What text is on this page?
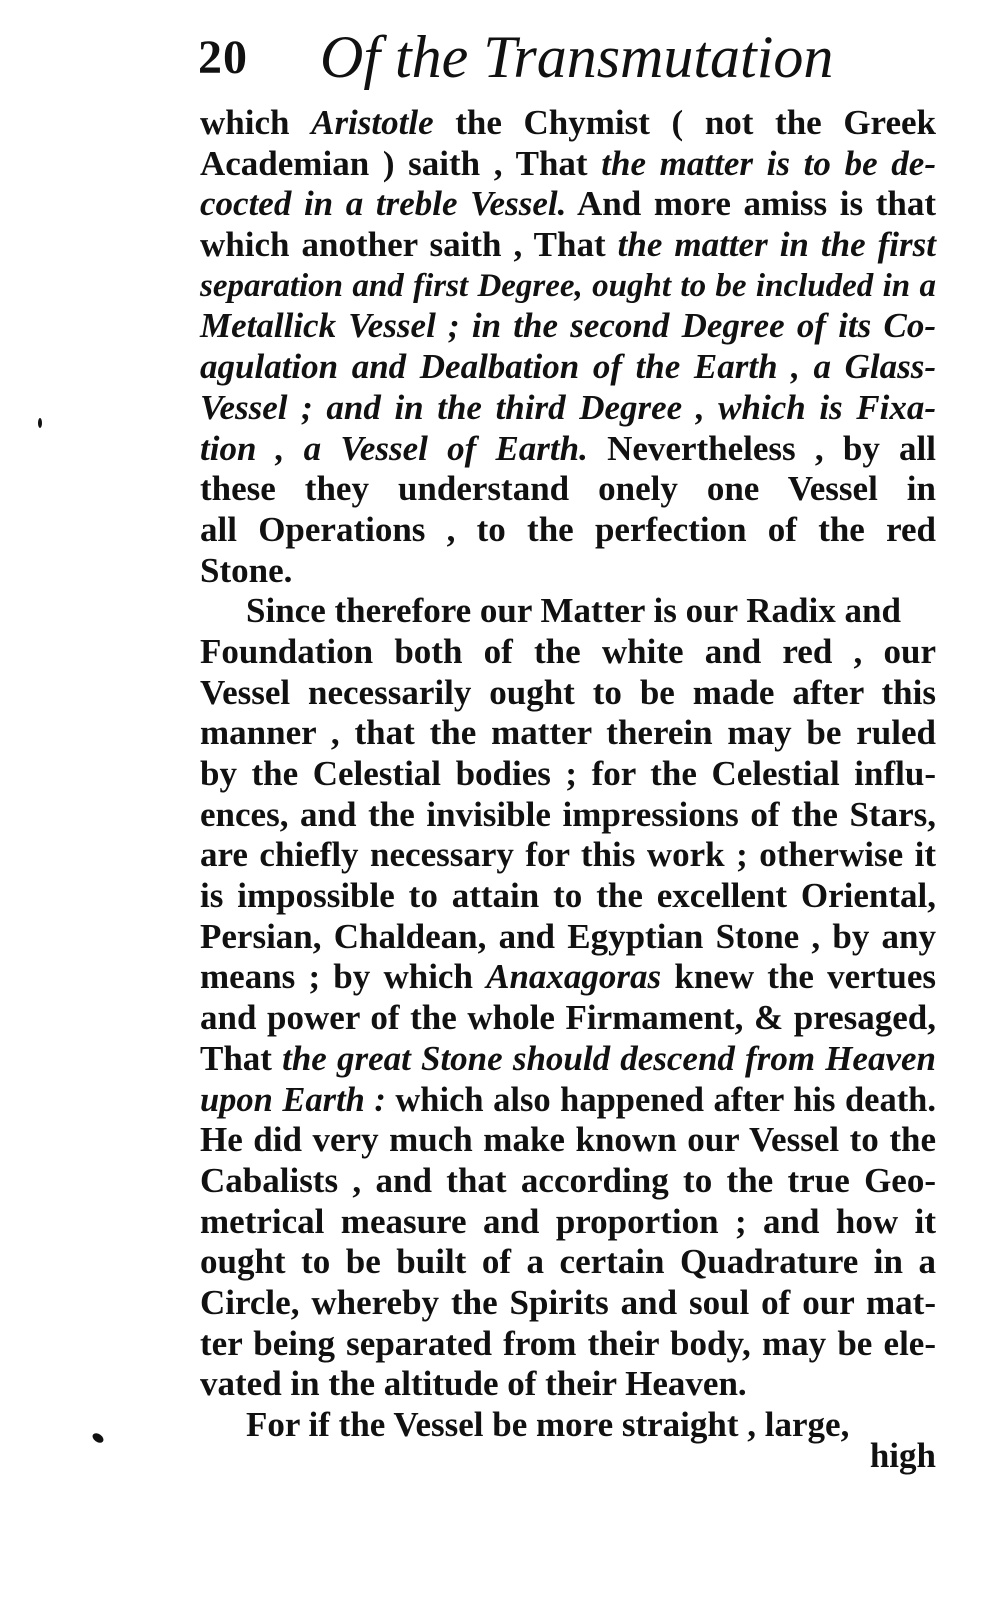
20 Of the Transmutation
which Aristotle the Chymist ( not the Greek
Academian ) saith , That the matter is to be de-
cocted in a treble Vessel. And more amiss is that
which another saith , That the matter in the first
separation and first Degree, ought to be included in a
Metallick Vessel ; in the second Degree of its Co-
agulation and Dealbation of the Earth , a Glass-
Vessel ; and in the third Degree , which is Fixa-
tion , a Vessel of Earth. Nevertheless , by all
these they understand onely one Vessel in
all Operations , to the perfection of the red
Stone.
Since therefore our Matter is our Radix and
Foundation both of the white and red , our
Vessel necessarily ought to be made after this
manner , that the matter therein may be ruled
by the Celestial bodies ; for the Celestial influ-
ences, and the invisible impressions of the Stars,
are chiefly necessary for this work ; otherwise it
is impossible to attain to the excellent Oriental,
Persian, Chaldean, and Egyptian Stone , by any
means ; by which Anaxagoras knew the vertues
and power of the whole Firmament, & presaged,
That the great Stone should descend from Heaven
upon Earth : which also happened after his death.
He did very much make known our Vessel to the
Cabalists , and that according to the true Geo-
metrical measure and proportion ; and how it
ought to be built of a certain Quadrature in a
Circle, whereby the Spirits and soul of our mat-
ter being separated from their body, may be ele-
vated in the altitude of their Heaven.
For if the Vessel be more straight , large,
high
